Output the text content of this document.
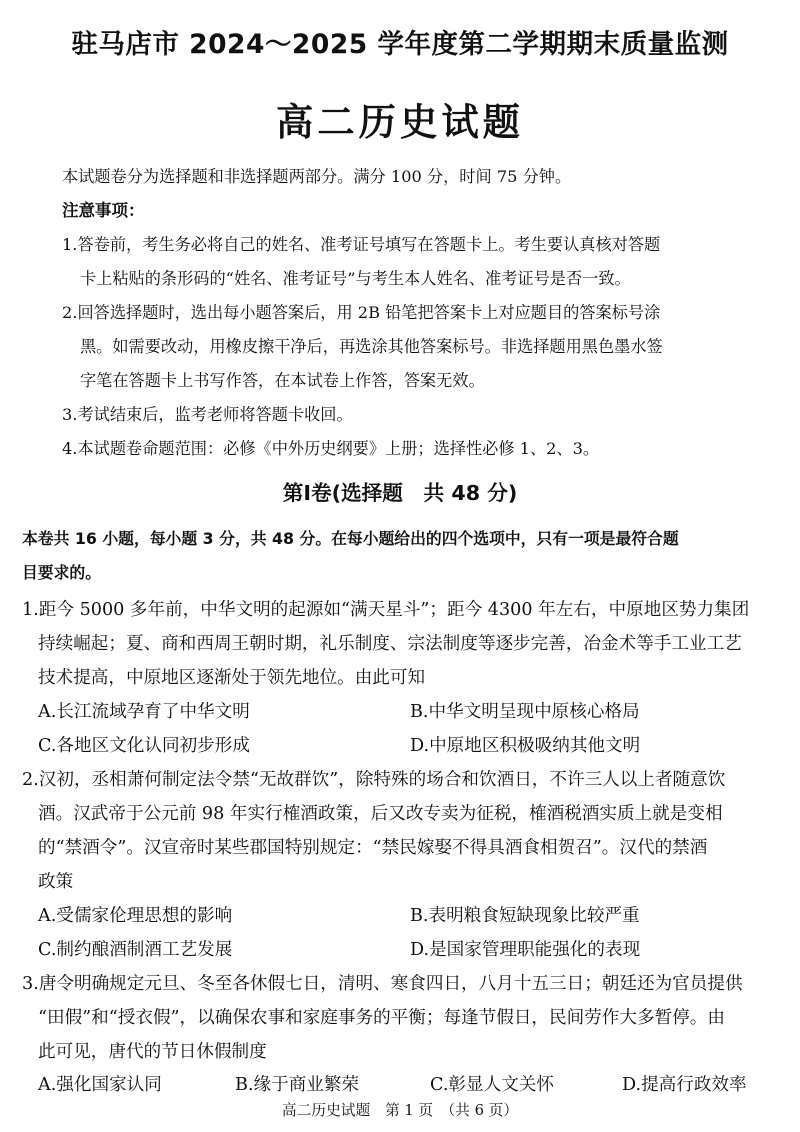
驻马店市 2024～2025 学年度第二学期期末质量监测
高二历史试题
本试题卷分为选择题和非选择题两部分。满分 100 分，时间 75 分钟。
注意事项：
1.答卷前，考生务必将自己的姓名、准考证号填写在答题卡上。考生要认真核对答题
卡上粘贴的条形码的“姓名、准考证号”与考生本人姓名、准考证号是否一致。
2.回答选择题时，选出每小题答案后，用 2B 铅笔把答案卡上对应题目的答案标号涂
黑。如需要改动，用橡皮擦干净后，再选涂其他答案标号。非选择题用黑色墨水签
字笔在答题卡上书写作答，在本试卷上作答，答案无效。
3.考试结束后，监考老师将答题卡收回。
4.本试题卷命题范围：必修《中外历史纲要》上册；选择性必修 1、2、3。
第Ⅰ卷(选择题　共 48 分)
本卷共 16 小题，每小题 3 分，共 48 分。在每小题给出的四个选项中，只有一项是最符合题
目要求的。
1.距今 5000 多年前，中华文明的起源如“满天星斗”；距今 4300 年左右，中原地区势力集团
持续崛起；夏、商和西周王朝时期，礼乐制度、宗法制度等逐步完善，冶金术等手工业工艺
技术提高，中原地区逐渐处于领先地位。由此可知
A.长江流域孕育了中华文明	B.中华文明呈现中原核心格局
C.各地区文化认同初步形成	D.中原地区积极吸纳其他文明
2.汉初，丞相萧何制定法令禁“无故群饮”，除特殊的场合和饮酒日，不许三人以上者随意饮
酒。汉武帝于公元前 98 年实行榷酒政策，后又改专卖为征税，榷酒税酒实质上就是变相
的“禁酒令”。汉宣帝时某些郡国特别规定：“禁民嫁娶不得具酒食相贺召”。汉代的禁酒
政策
A.受儒家伦理思想的影响	B.表明粮食短缺现象比较严重
C.制约酿酒制酒工艺发展	D.是国家管理职能强化的表现
3.唐令明确规定元旦、冬至各休假七日，清明、寒食四日，八月十五三日；朝廷还为官员提供
“田假”和“授衣假”，以确保农事和家庭事务的平衡；每逢节假日，民间劳作大多暂停。由
此可见，唐代的节日休假制度
A.强化国家认同	B.缘于商业繁荣	C.彰显人文关怀	D.提高行政效率
高二历史试题　第 1 页　（共 6 页）
